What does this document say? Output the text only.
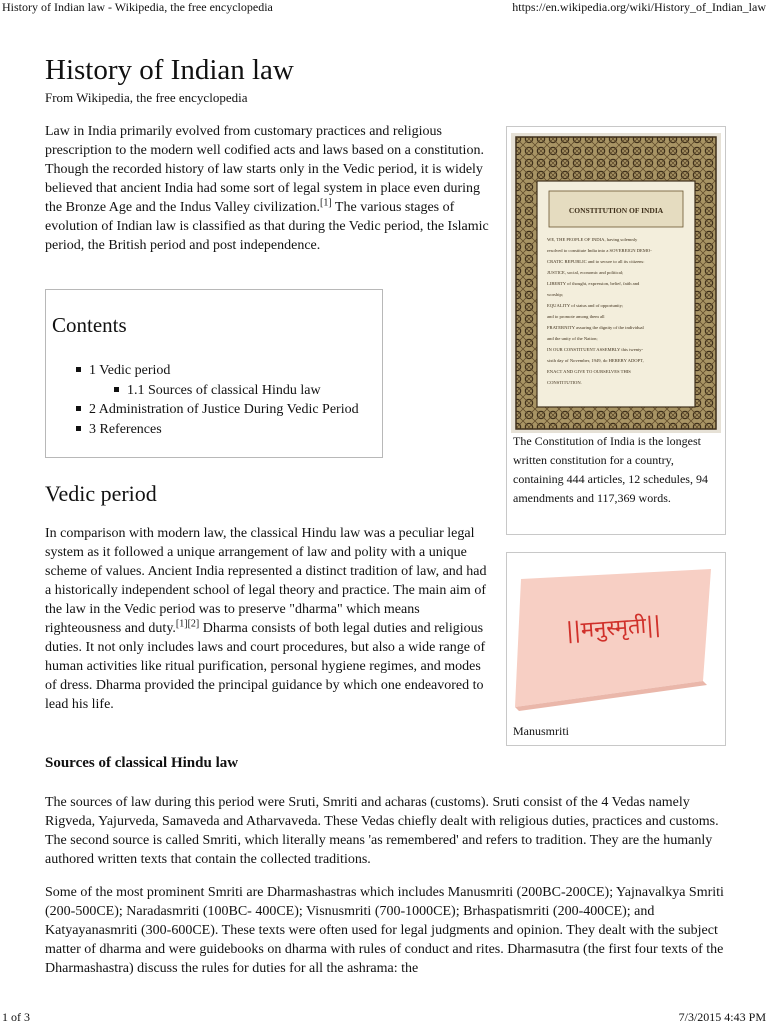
History of Indian law - Wikipedia, the free encyclopedia	https://en.wikipedia.org/wiki/History_of_Indian_law
History of Indian law
From Wikipedia, the free encyclopedia

Law in India primarily evolved from customary practices and religious prescription to the modern well codified acts and laws based on a constitution. Though the recorded history of law starts only in the Vedic period, it is widely believed that ancient India had some sort of legal system in place even during the Bronze Age and the Indus Valley civilization.[1] The various stages of evolution of Indian law is classified as that during the Vedic period, the Islamic period, the British period and post independence.

Contents
1 Vedic period
1.1 Sources of classical Hindu law
2 Administration of Justice During Vedic Period
3 References
Vedic period

In comparison with modern law, the classical Hindu law was a peculiar legal system as it followed a unique arrangement of law and polity with a unique scheme of values. Ancient India represented a distinct tradition of law, and had a historically independent school of legal theory and practice. The main aim of the law in the Vedic period was to preserve "dharma" which means righteousness and duty.[1][2] Dharma consists of both legal duties and religious duties. It not only includes laws and court procedures, but also a wide range of human activities like ritual purification, personal hygiene regimes, and modes of dress. Dharma provided the principal guidance by which one endeavored to lead his life.

Sources of classical Hindu law

The sources of law during this period were Sruti, Smriti and acharas (customs). Sruti consist of the 4 Vedas namely Rigveda, Yajurveda, Samaveda and Atharvaveda. These Vedas chiefly dealt with religious duties, practices and customs. The second source is called Smriti, which literally means 'as remembered' and refers to tradition. They are the humanly authored written texts that contain the collected traditions.

Some of the most prominent Smriti are Dharmashastras which includes Manusmriti (200BC-200CE); Yajnavalkya Smriti (200-500CE); Naradasmriti (100BC- 400CE); Visnusmriti (700-1000CE); Brhaspatismriti (200-400CE); and Katyayanasmriti (300-600CE). These texts were often used for legal judgments and opinion. They dealt with the subject matter of dharma and were guidebooks on dharma with rules of conduct and rites. Dharmasutra (the first four texts of the Dharmashastra) discuss the rules for duties for all the ashrama: the

CONSTITUTION OF INDIA
WE, THE PEOPLE OF INDIA, having solemnly
resolved to constitute India into a SOVEREIGN DEMO-
CRATIC REPUBLIC and to secure to all its citizens:
JUSTICE, social, economic and political;
LIBERTY of thought, expression, belief, faith and
worship;
EQUALITY of status and of opportunity;
and to promote among them all
FRATERNITY assuring the dignity of the individual
and the unity of the Nation;
IN OUR CONSTITUENT ASSEMBLY this twenty-
sixth day of November, 1949, do HEREBY ADOPT,
ENACT AND GIVE TO OURSELVES THIS
CONSTITUTION.
The Constitution of India is the longest written constitution for a country, containing 444 articles, 12 schedules, 94 amendments and 117,369 words.
||मनुस्मृती||
Manusmriti
1 of 3	7/3/2015 4:43 PM
